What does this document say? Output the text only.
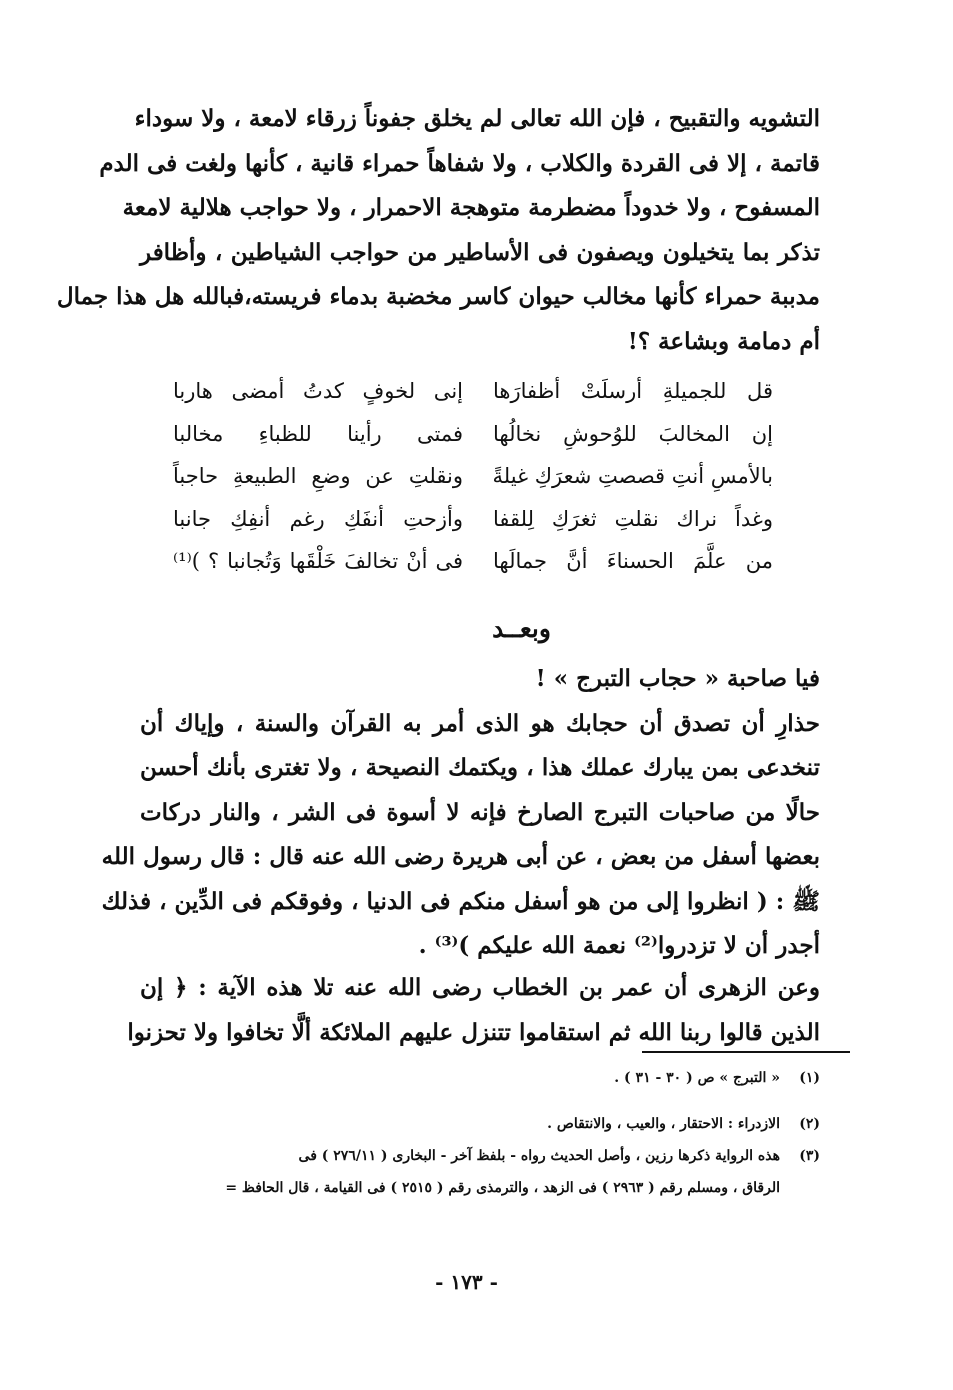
التشويه والتقبيح ، فإن الله تعالى لم يخلق جفوناً زرقاء لامعة ، ولا سوداء
قاتمة ، إلا فى القردة والكلاب ، ولا شفاهاً حمراء قانية ، كأنها ولغت فى الدم
المسفوح ، ولا خدوداً مضطرمة متوهجة الاحمرار ، ولا حواجب هلالية لامعة
تذكر بما يتخيلون ويصفون فى الأساطير من حواجب الشياطين ، وأظافر
مدببة حمراء كأنها مخالب حيوان كاسر مخضبة بدماء فريسته،فبالله هل هذا جمال
أم دمامة وبشاعة ؟!
قل للجميلةِ أرسلَتْ أظفارَها
إنى لخوفٍ كدتُ أمضى هاربا
إن المخالبَ للوُحوشِ نخالُها
فمتى رأينا للظباءِ مخالبا
بالأمسِ أنتِ قصصتِ شعرَكِ غيلةً
ونقلتِ عن وضعِ الطبيعةِ حاجباً
وغداً نراك نقلتِ ثغرَكِ لِلقفا
وأزحتِ أنفَكِ رغم أنفِكِ جانبا
من علَّمَ الحسناءَ أنَّ جمالَها
فى أنْ تخالفَ خَلْقَها وَتُجانبا ؟ )⁽¹⁾
وبعــد
فيا صاحبة « حجاب التبرج » !
حذارِ أن تصدق أن حجابك هو الذى أمر به القرآن والسنة ، وإياك أن
تنخدعى بمن يبارك عملك هذا ، ويكتمك النصيحة ، ولا تغترى بأنك أحسن
حالًا من صاحبات التبرج الصارخ فإنه لا أسوة فى الشر ، والنار دركات
بعضها أسفل من بعض ، عن أبى هريرة رضى الله عنه قال : قال رسول الله
ﷺ : ( انظروا إلى من هو أسفل منكم فى الدنيا ، وفوقكم فى الدِّين ، فذلك
أجدر أن لا تزدروا⁽²⁾ نعمة الله عليكم )⁽³⁾ .
وعن الزهرى أن عمر بن الخطاب رضى الله عنه تلا هذه الآية : ﴿ إن
الذين قالوا ربنا الله ثم استقاموا تتنزل عليهم الملائكة ألَّا تخافوا ولا تحزنوا
(١)
« التبرج » ص ( ٣٠ - ٣١ ) .
(٢)
الازدراء : الاحتقار ، والعيب ، والانتقاص .
(٣)
هذه الرواية ذكرها رزين ، وأصل الحديث رواه - بلفظ آخر - البخارى ( ٢٧٦/١١ ) فى
الرقاق ، ومسلم رقم ( ٢٩٦٣ ) فى الزهد ، والترمذى رقم ( ٢٥١٥ ) فى القيامة ، قال الحافظ =
- ١٧٣ -
